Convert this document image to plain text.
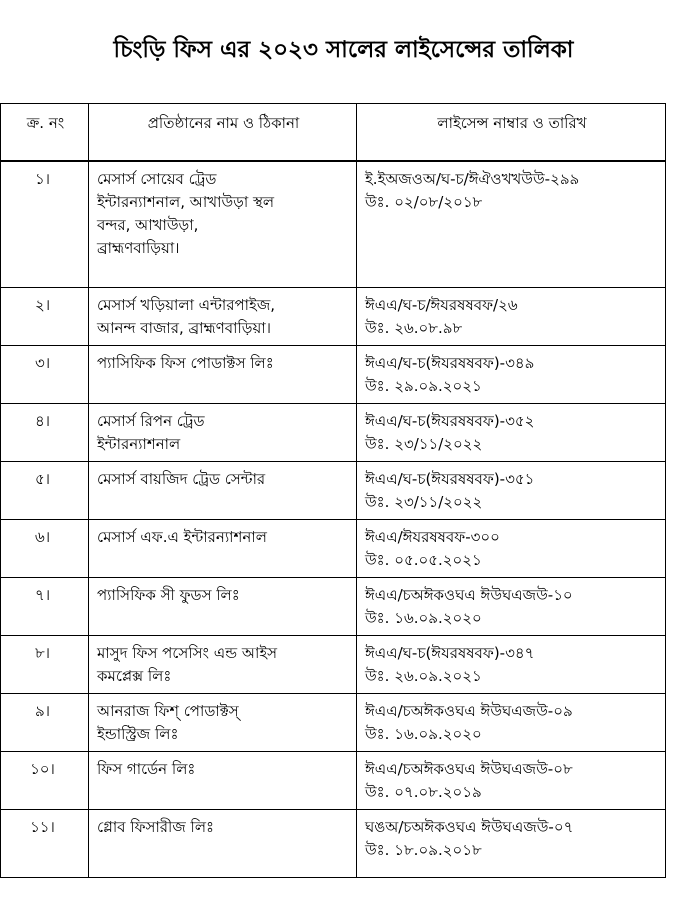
চিংড়ি ফিস এর ২০২৩ সালের লাইসেন্সের তালিকা
ক্র. নং	প্রতিষ্ঠানের নাম ও ঠিকানা	লাইসেন্স নাম্বার ও তারিখ
১।	মেসার্স সোয়েব ট্রেড
ইন্টারন্যাশনাল, আখাউড়া স্থল
বন্দর, আখাউড়া,
ব্রাহ্মণবাড়িয়া।	ই.ইঅজওঅ/ঘ-চ/ঈঐওখখউউ-২৯৯
উঃ. ০২/০৮/২০১৮

২।	মেসার্স খড়িয়ালা এন্টারপাইজ,
আনন্দ বাজার, ব্রাহ্মণবাড়িয়া।	ঈএএ/ঘ-চ/ঈযরষষবফ/২৬
উঃ. ২৬.০৮.৯৮

৩।	প্যাসিফিক ফিস পোডাক্টস লিঃ	ঈএএ/ঘ-চ(ঈযরষষবফ)-৩৪৯
উঃ. ২৯.০৯.২০২১

৪।	মেসার্স রিপন ট্রেড
ইন্টারন্যাশনাল	ঈএএ/ঘ-চ(ঈযরষষবফ)-৩৫২
উঃ. ২৩/১১/২০২২

৫।	মেসার্স বায়জিদ ট্রেড সেন্টার	ঈএএ/ঘ-চ(ঈযরষষবফ)-৩৫১
উঃ. ২৩/১১/২০২২

৬।	মেসার্স এফ.এ ইন্টারন্যাশনাল	ঈএএ/ঈযরষষবফ-৩০০
উঃ. ০৫.০৫.২০২১

৭।	প্যাসিফিক সী ফুডস লিঃ	ঈএএ/চঅঈকওঘএ ঈউঘএজউ-১০
উঃ. ১৬.০৯.২০২০

৮।	মাসুদ ফিস পসেসিং এন্ড আইস
কমপ্লেক্স লিঃ	ঈএএ/ঘ-চ(ঈযরষষবফ)-৩৪৭
উঃ. ২৬.০৯.২০২১

৯।	আনরাজ ফিশ্ পোডাক্টস্
ইন্ডাস্ট্রিজ লিঃ	ঈএএ/চঅঈকওঘএ ঈউঘএজউ-০৯
উঃ. ১৬.০৯.২০২০

১০।	ফিস গার্ডেন লিঃ	ঈএএ/চঅঈকওঘএ ঈউঘএজউ-০৮
উঃ. ০৭.০৮.২০১৯

১১।	গ্লোব ফিসারীজ লিঃ	ঘঙঅ/চঅঈকওঘএ ঈউঘএজউ-০৭
উঃ. ১৮.০৯.২০১৮
